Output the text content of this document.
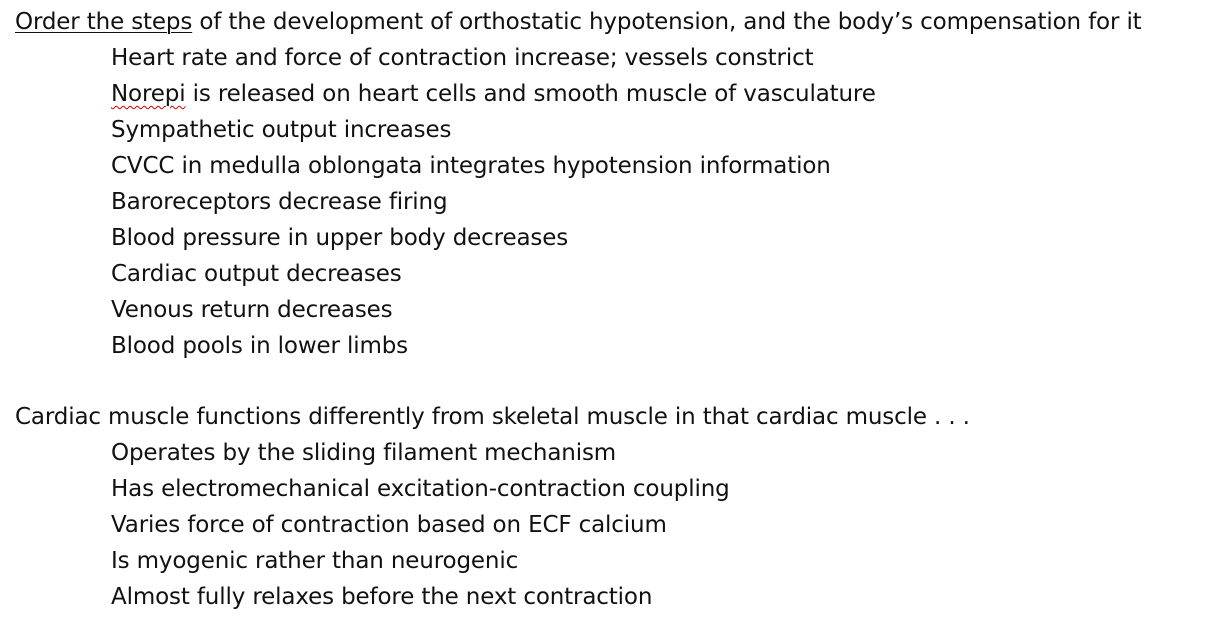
Order the steps of the development of orthostatic hypotension, and the body’s compensation for it

Heart rate and force of contraction increase; vessels constrict
Norepi is released on heart cells and smooth muscle of vasculature
Sympathetic output increases
CVCC in medulla oblongata integrates hypotension information
Baroreceptors decrease firing
Blood pressure in upper body decreases
Cardiac output decreases
Venous return decreases
Blood pools in lower limbs

Cardiac muscle functions differently from skeletal muscle in that cardiac muscle . . .

Operates by the sliding filament mechanism
Has electromechanical excitation-contraction coupling
Varies force of contraction based on ECF calcium
Is myogenic rather than neurogenic
Almost fully relaxes before the next contraction
